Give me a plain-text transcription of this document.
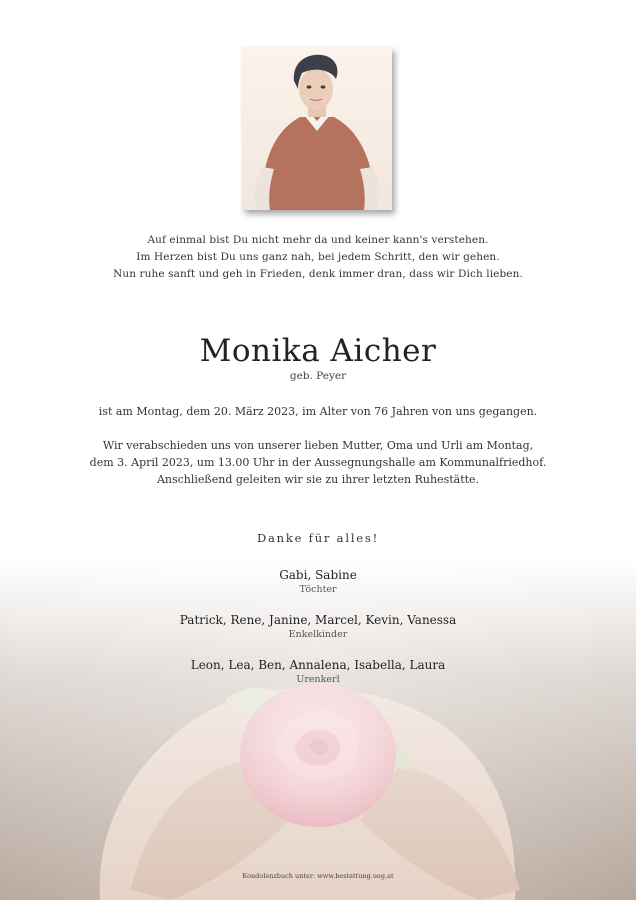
Auf einmal bist Du nicht mehr da und keiner kann's verstehen.
Im Herzen bist Du uns ganz nah, bei jedem Schritt, den wir gehen.
Nun ruhe sanft und geh in Frieden, denk immer dran, dass wir Dich lieben.
Monika Aicher
geb. Peyer
ist am Montag, dem 20. März 2023, im Alter von 76 Jahren von uns gegangen.
Wir verabschieden uns von unserer lieben Mutter, Oma und Urli am Montag,
dem 3. April 2023, um 13.00 Uhr in der Aussegnungshalle am Kommunalfriedhof.
Anschließend geleiten wir sie zu ihrer letzten Ruhestätte.
Danke für alles!
Gabi, Sabine
Töchter
Patrick, Rene, Janine, Marcel, Kevin, Vanessa
Enkelkinder
Leon, Lea, Ben, Annalena, Isabella, Laura
Urenkerl
Kondolenzbuch unter: www.bestattung.ueg.at
